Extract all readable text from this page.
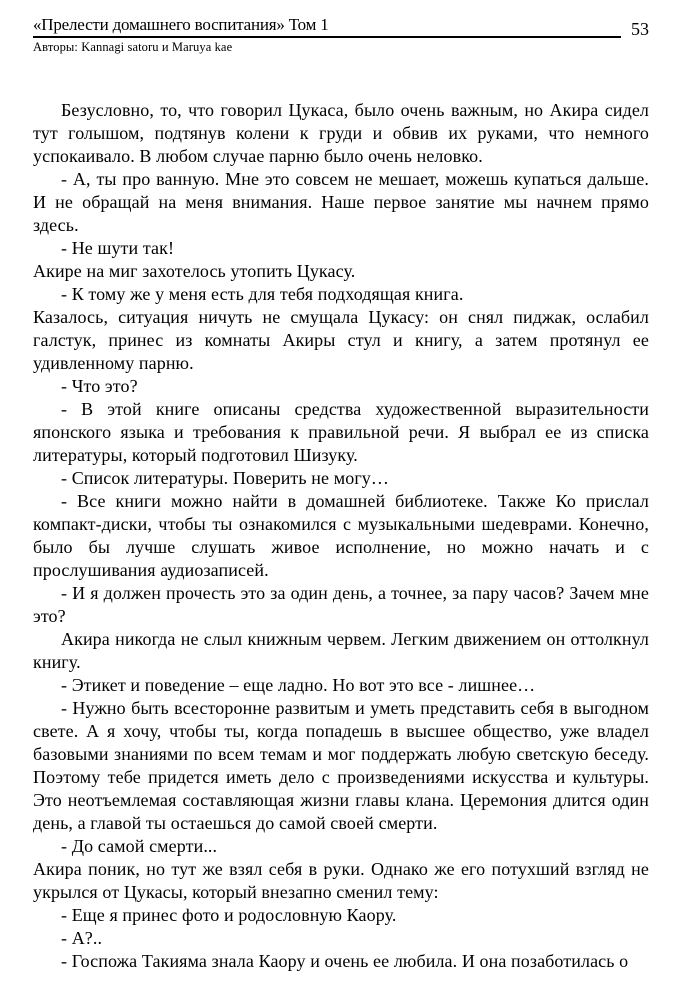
«Прелести домашнего воспитания» Том 1	53
Авторы: Kannagi satoru и Maruya kae

Безусловно, то, что говорил Цукаса, было очень важным, но Акира сидел тут голышом, подтянув колени к груди и обвив их руками, что немного успокаивало. В любом случае парню было очень неловко.

- А, ты про ванную. Мне это совсем не мешает, можешь купаться дальше. И не обращай на меня внимания. Наше первое занятие мы начнем прямо здесь.

- Не шути так!

Акире на миг захотелось утопить Цукасу.

- К тому же у меня есть для тебя подходящая книга.

Казалось, ситуация ничуть не смущала Цукасу: он снял пиджак, ослабил галстук, принес из комнаты Акиры стул и книгу, а затем протянул ее удивленному парню.

- Что это?

- В этой книге описаны средства художественной выразительности японского языка и требования к правильной речи. Я выбрал ее из списка литературы, который подготовил Шизуку.

- Список литературы. Поверить не могу…

- Все книги можно найти в домашней библиотеке. Также Ко прислал компакт-диски, чтобы ты ознакомился с музыкальными шедеврами. Конечно, было бы лучше слушать живое исполнение, но можно начать и с прослушивания аудиозаписей.

- И я должен прочесть это за один день, а точнее, за пару часов? Зачем мне это?

Акира никогда не слыл книжным червем. Легким движением он оттолкнул книгу.

- Этикет и поведение – еще ладно. Но вот это все - лишнее…

- Нужно быть всесторонне развитым и уметь представить себя в выгодном свете. А я хочу, чтобы ты, когда попадешь в высшее общество, уже владел базовыми знаниями по всем темам и мог поддержать любую светскую беседу. Поэтому тебе придется иметь дело с произведениями искусства и культуры. Это неотъемлемая составляющая жизни главы клана. Церемония длится один день, а главой ты остаешься до самой своей смерти.

- До самой смерти...

Акира поник, но тут же взял себя в руки. Однако же его потухший взгляд не укрылся от Цукасы, который внезапно сменил тему:

- Еще я принес фото и родословную Каору.

- А?..

- Госпожа Такияма знала Каору и очень ее любила. И она позаботилась о
